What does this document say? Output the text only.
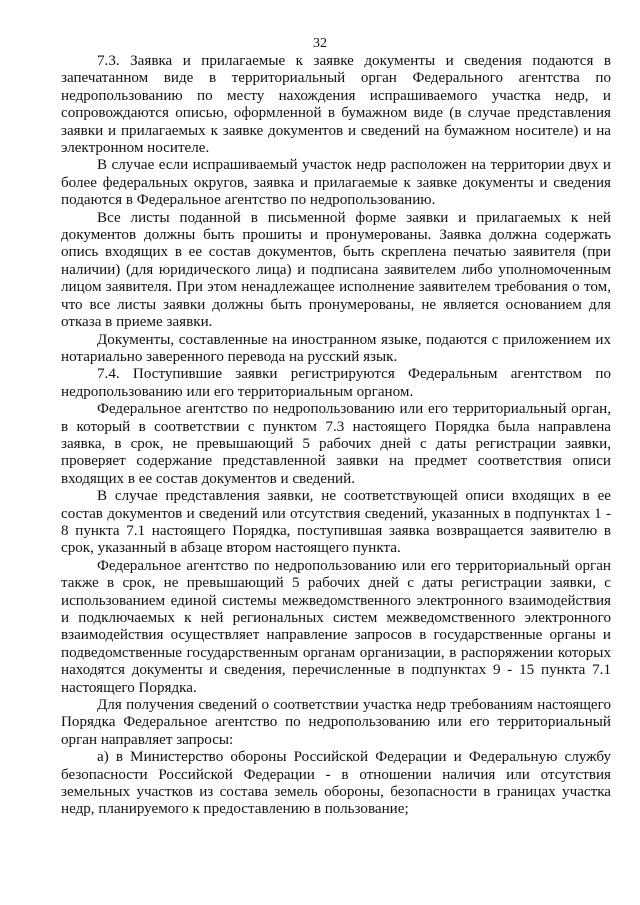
32

7.3. Заявка и прилагаемые к заявке документы и сведения подаются в запечатанном виде в территориальный орган Федерального агентства по недропользованию по месту нахождения испрашиваемого участка недр, и сопровождаются описью, оформленной в бумажном виде (в случае представления заявки и прилагаемых к заявке документов и сведений на бумажном носителе) и на электронном носителе.

В случае если испрашиваемый участок недр расположен на территории двух и более федеральных округов, заявка и прилагаемые к заявке документы и сведения подаются в Федеральное агентство по недропользованию.

Все листы поданной в письменной форме заявки и прилагаемых к ней документов должны быть прошиты и пронумерованы. Заявка должна содержать опись входящих в ее состав документов, быть скреплена печатью заявителя (при наличии) (для юридического лица) и подписана заявителем либо уполномоченным лицом заявителя. При этом ненадлежащее исполнение заявителем требования о том, что все листы заявки должны быть пронумерованы, не является основанием для отказа в приеме заявки.

Документы, составленные на иностранном языке, подаются с приложением их нотариально заверенного перевода на русский язык.

7.4. Поступившие заявки регистрируются Федеральным агентством по недропользованию или его территориальным органом.

Федеральное агентство по недропользованию или его территориальный орган, в который в соответствии с пунктом 7.3 настоящего Порядка была направлена заявка, в срок, не превышающий 5 рабочих дней с даты регистрации заявки, проверяет содержание представленной заявки на предмет соответствия описи входящих в ее состав документов и сведений.

В случае представления заявки, не соответствующей описи входящих в ее состав документов и сведений или отсутствия сведений, указанных в подпунктах 1 - 8 пункта 7.1 настоящего Порядка, поступившая заявка возвращается заявителю в срок, указанный в абзаце втором настоящего пункта.

Федеральное агентство по недропользованию или его территориальный орган также в срок, не превышающий 5 рабочих дней с даты регистрации заявки, с использованием единой системы межведомственного электронного взаимодействия и подключаемых к ней региональных систем межведомственного электронного взаимодействия осуществляет направление запросов в государственные органы и подведомственные государственным органам организации, в распоряжении которых находятся документы и сведения, перечисленные в подпунктах 9 - 15 пункта 7.1 настоящего Порядка.

Для получения сведений о соответствии участка недр требованиям настоящего Порядка Федеральное агентство по недропользованию или его территориальный орган направляет запросы:

а) в Министерство обороны Российской Федерации и Федеральную службу безопасности Российской Федерации - в отношении наличия или отсутствия земельных участков из состава земель обороны, безопасности в границах участка недр, планируемого к предоставлению в пользование;
